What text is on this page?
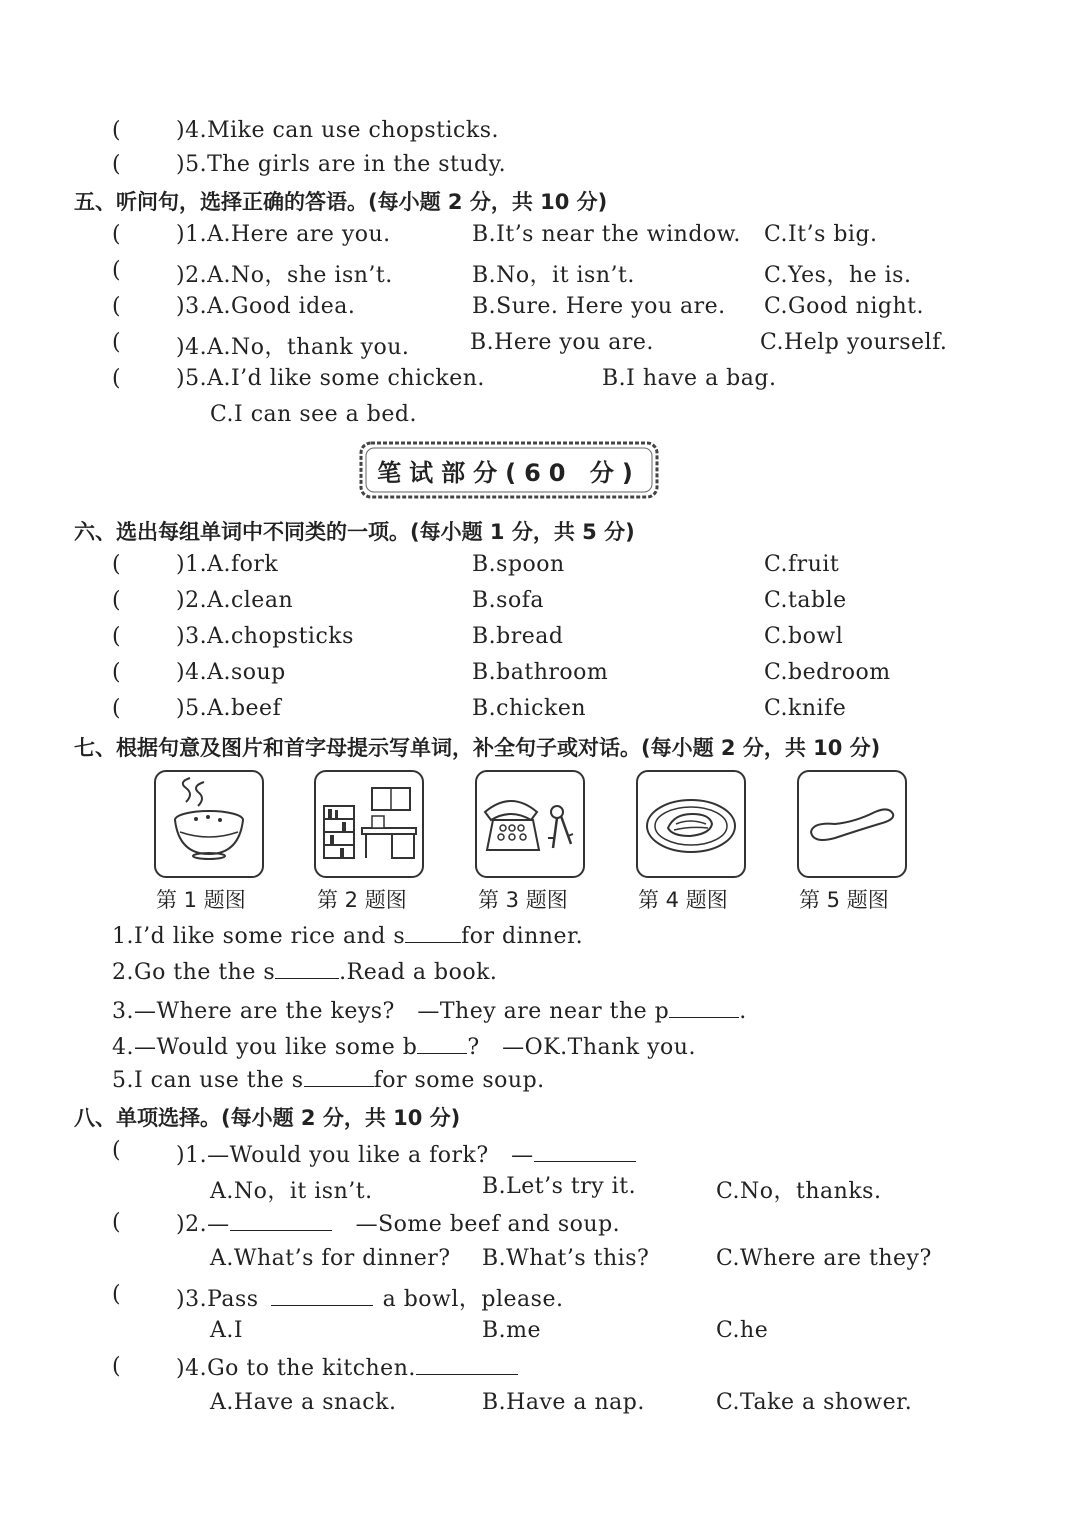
(	)4.Mike can use chopsticks.
(	)5.The girls are in the study.
五、听问句，选择正确的答语。(每小题 2 分，共 10 分)
(	)1.A.Here are you.	B.It’s near the window. C.It’s big.
(	)2.A.No，she isn’t.	B.No，it isn’t.	C.Yes，he is.
(	)3.A.Good idea.	B.Sure. Here you are. C.Good night.
(	)4.A.No，thank you.	B.Here you are.	C.Help yourself.
(	)5.A.I’d like some chicken.	B.I have a bag.
C.I can see a bed.
笔试部分(60 分)
六、选出每组单词中不同类的一项。(每小题 1 分，共 5 分)
(	)1.A.fork	B.spoon	C.fruit
(	)2.A.clean	B.sofa	C.table
(	)3.A.chopsticks	B.bread	C.bowl
(	)4.A.soup	B.bathroom	C.bedroom
(	)5.A.beef	B.chicken	C.knife
七、根据句意及图片和首字母提示写单词，补全句子或对话。(每小题 2 分，共 10 分)
第 1 题图	第 2 题图	第 3 题图	第 4 题图	第 5 题图
1.I’d like some rice and s	for dinner.
2.Go the the s	.Read a book.
3.—Where are the keys?　—They are near the p	.
4.—Would you like some b ?　—OK.Thank you.
5.I can use the s	for some soup.
八、单项选择。(每小题 2 分，共 10 分)
(	)1.—Would you like a fork?　—
A.No，it isn’t.	B.Let’s try it.	C.No，thanks.
(	)2.—	—Some beef and soup.
A.What’s for dinner? B.What’s this?	C.Where are they?
(	)3.Pass	a bowl，please.
A.I	B.me	C.he
(	)4.Go to the kitchen.
A.Have a snack.	B.Have a nap.	C.Take a shower.
